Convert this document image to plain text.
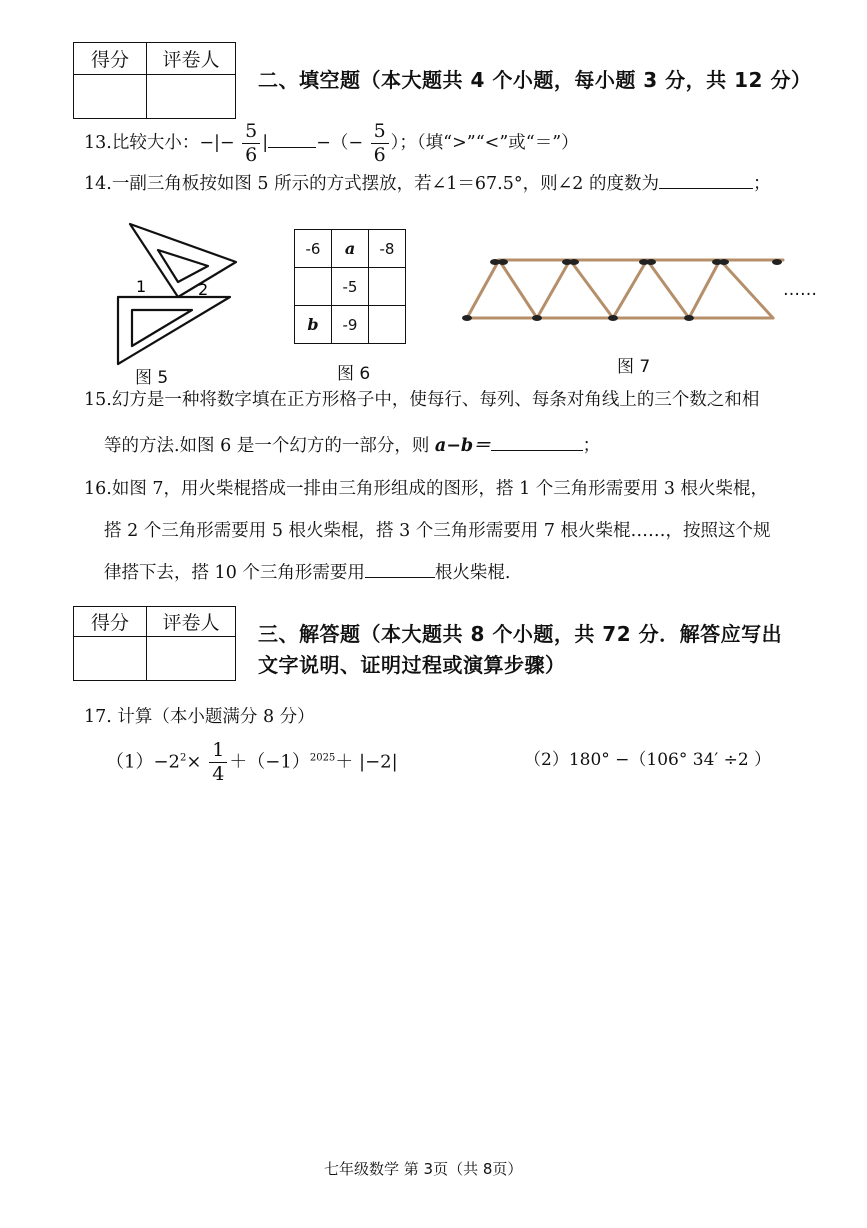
得分	评卷人

二、填空题（本大题共 4 个小题，每小题 3 分，共 12 分）
13.比较大小：−|− $\frac{5}{6}$ |	−（− $\frac{5}{6}$ ）；（填“>”“<”或“＝”）
14.一副三角板按如图 5 所示的方式摆放，若∠1＝67.5°，则∠2 的度数为	；
1	2
图 5
-6	a	-8
	-5	
b	-9	
图 6
……
图 7
15.幻方是一种将数字填在正方形格子中，使每行、每列、每条对角线上的三个数之和相
等的方法.如图 6 是一个幻方的一部分，则 a−b＝	；
16.如图 7，用火柴棍搭成一排由三角形组成的图形，搭 1 个三角形需要用 3 根火柴棍，
搭 2 个三角形需要用 5 根火柴棍，搭 3 个三角形需要用 7 根火柴棍……，按照这个规
律搭下去，搭 10 个三角形需要用	根火柴棍.
得分	评卷人
	三、解答题（本大题共 8 个小题，共 72 分．解答应写出
文字说明、证明过程或演算步骤）
17. 计算（本小题满分 8 分）
$(1)-2^2\times \frac{1}{4} +(-1)^{2025}+ |-2|$	（2）180° −（106° 34′ ÷2 ）
七年级数学 第 3页（共 8页）
